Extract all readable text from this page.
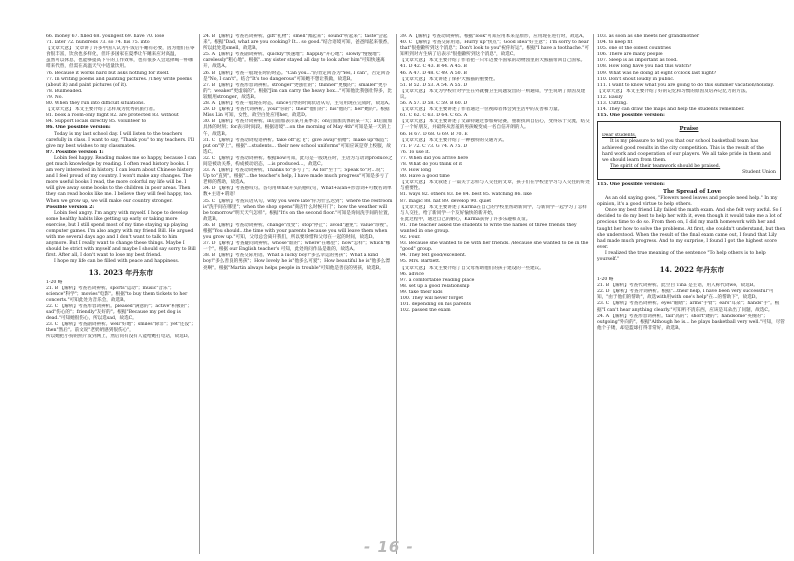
66. money 67. filled 68. youngest 69. have 70. lose
71. later 72. hundreds 73. so 74. his 75. into
【文章大意】 文章讲了许多中国人认为午饭后午睡有必要，因为他们在零食很丰富，饮食也多样化，但许多国家在夏季让午睡来应对高温，
虽然可以休息，也能够提高下午的工作效率，也有很多人会选择喝一杯咖啡来代替，但需在高温天气中适量饮用。
76. Because it works hard but asks nothing for itself.
77. In writing poems and painting pictures. /They write poems (about it) and paint pictures (of it).
78. Bullheaded.
79. No.
80. When they run into difficult situations.
【文章大意】 本文主要介绍了怎样成为优秀的旅行者。
81. book a room-only flight 82. are protected 83. without
84. Support locals directly 85. volunteer to
86. One possible version:
Today is my last school day. I will listen to the teachers carefully in class. I want to say, "Thank you" to my teachers. I'll give my best wishes to my classmates.
87. Possible version 1:
Lobin feel happy. Reading makes me so happy, because I can get much knowledge by reading. I often read history books. I am very interested in history. I can learn about Chinese history and I feel proud of my country. I won't make any changes. The more useful books I read, the more colorful my life will be. I will give away some books to the children in poor areas. Then they can read books like me. I believe they will feel happy, too. When we grow up, we will make our country stronger.
Possible version 2:
Lobin feel angry. I'm angry with myself. I hope to develop some healthy habits like getting up early or taking more exercise, but I still spend most of my time staying up playing computer games. I'm also angry with my friend Bill. He argued with me several days ago and I don't want to talk to him anymore. But I really want to change these things. Maybe I should be strict with myself and maybe I should say sorry to Bill first. After all, I don't want to lose my best friend.
I hope my life can be filled with peace and happiness.
13. 2023 年丹东市
1-20 略
21. B 【解析】考查名词辨析。sports"运动"；music"音乐"；science"科学"；movies"电影"。根据"to buy them tickets to her concerts."可知此处为音乐会，故选B。
22. C 【解析】考查形容词辨析。pleased"满意的"；active"积极的"；sad"伤心的"；friendly"友好的"。根据"Because my pet dog is dead."可知她很伤心，所以选sad，故选C。
23. C 【解析】考查副词辨析。well"好地"；smiles"除非"；yet"还没"；then"然后"。前文说"老奶奶感到很伤心"，
所以她把小狗的照片发到网上，然后问有没有人能给她打电话，故选D。
24. B 【解析】考查名词辨析。gift"礼物"；smell"闻起来"；sound"听起来"；taste"尝起来"。根据"Dad, what are you cooking? It... so good."结合语境可知，爸爸闻起来很香，所以此处选smell，故选B。
25. A 【解析】考查副词辨析。quickly"快速地"；happily"开心地"；slowly"慢慢地"；carelessly"粗心地"。根据"...my sister stayed all day to look after him"可知快速离开，故选A。
26. B 【解析】考查一般现在时的时态。"Can you..."的肯定回答为"Yes, I can"，否定回答是"No, I can't"。结合"It's too dangerous"可知她不想让我做，故选B。
27. B 【解析】考查形容词辨析。stronger"更强壮的"；thinner"更瘦的"；smaller"更小的"；weaker"更虚弱的"。根据"Jim can carry the heavy box..."可知他比我强壮得多，比较级用stronger，故选B。
28. A 【解析】考查一般现在时态。since引导的时间状语从句，主句用现在完成时，故选A。
29. D 【解析】考查代词辨析。your"你的"；their"他们的"；his"他的"；her"她的"。根据 Miss Lin 可知，女性，故空白处应用her，故选D。
30. B 【解析】考查介词辨析。in后面加表示某月某季等；on后面加具体的某一天；at后面加具体的时刻；for表示时间段。根据语境"...on the morning of May 4th"可知是某一天的上午，故选B。
31. C 【解析】考查动词短语辨析。take off"起飞"；give away"捐赠"；make up"编造"；put on"穿上"。根据"...students... their new school uniforms"可知应该是穿上校服，故选C。
32. C 【解析】考查动词辨析。根据now可知，此句是一般现在时，主语为与动词produce之间是被动关系，构成被动语态，...is produced...，故选C。
33. A 【解析】考查动词辨析。Thanks to"多亏了"；As for"至于"；Speak to"对...说"；Up to"直到"。根据"...the teacher's help, I have made much progress"可知是多亏了老师的帮助，故选A。
34. D 【解析】考查感叹句。答句用What开头的感叹句，What+a/an+形容词+可数名词单数+主语+谓语！
35. C 【解析】考查宾语从句。why you were late"你为什么迟到"；where the restroom is"洗手间在哪里"；when the shop opens"商店什么时候开门"；how the weather will be tomorrow"明天天气怎样"。根据"It's on the second floor."可知是询问洗手间的位置，故选B。
36. B 【解析】考查动词辨析。change"改变"；stop"停止"；avoid"避免"；value"珍视"。根据"You should...the time with your parents because you will leave them when you grow up."可知，父母总会离开我们，所以要珍惜和父母在一起的时间，故选D。
37. D 【解析】考查疑问词辨析。whose"谁的"；where"在哪里"；how"怎样"；which"哪一个"。根据 our English teacher's 可知，此处询问作品是谁的，故选A。
38. B 【解析】考查交际用语。What a lucky boy!"多么幸运的男孩"；What a kind boy!"多么善良的男孩"；How lovely he is"他多么可爱"；How beautiful he is"他多么漂亮啊"。根据"Martin always helps people in trouble"可知他是善良的男孩，故选B。
39. A 【解析】考查动词辨析。根据"look"可知应用本来是原形，应用现在进行时，故选A。
40. C 【解析】考查交际用语。Hurry up"快点"；Good idea"好主意"；I'm sorry to hear that"很抱歉听到这个消息"；Don't look to you"祝你好运"。根据"I have a toothache."可知听到对方生病了后表示"很抱歉听到这个消息"，故选C。
【文章大意】 本文主要介绍了作者把一只年迈要不国家的动物园里的大熊猫带回自己国家。
41. D 42. C 43. B 44. A 45. B
46. A 47. D 48. C 49. A 50. B
【文章大意】 本文讲述了保护大熊猫的重要性。
51. B 52. D 53. A 54. A 55. D
【文章大意】 本文为学校针对学生在外就餐卫生问题发出的一则通知，学生说明了原因及建议。
56. A 57. D 58. C 59. B 60. D
【文章大意】 本文主要讲述了作者通过一位视障者体会到生活中的友善和力量。
61. C 62. C 63. D 64. C 65. A
【文章大意】 本文主要讲述了文森特通过参加辩论赛，重新找回自信心，变得乐于交流，结交了一个好朋友，并最终从害羞的男孩蜕变成一名自信开朗的人。
66. H 67. D 68. G 69. B 70. E
【文章大意】 本文主要介绍了一种独特的交通方式。
71. F 72. C 73. G 74. A 75. D
76. To use it.
77. When did you arrive here
78. What do you think of it
79. How long
80. Have a good time
【文章大意】 本文叙述了一篇关于怎样与人交往的文章，孩子们在学校里学习与人交往的好处与重要性。
81. ways 82. others 83. be 84. best 85. watching 86. like
87. magic 88. hat 89. develop 90. quiet
【文章大意】 本文主要讲述了Karma在自己的学校里帮助新同学，与新同学一起学习了怎样与人交往，给了新同学一个友好愉快的新开始，
在此过程中，通过自己的耐心，Karma获得了许多乐趣和友谊。
91. The teacher asked the students to write the names of three friends they wanted in one group.
92. Four.
93. Because she wanted to be with her friends. /Because she wanted to be in the "good" group.
94. They felt good/excellent.
95. Mrs. Bartlett.
【文章大意】 本文主要介绍了自父母帮助他们的孩子建设的一些建议。
96. advice
97. a comfortable reading place
98. set up a good relationship
99. take their kids
100. They will never forget
101. depending on his parents
102. passed the exam
103. as soon as she meets her grandmother
104. to keep fit
105. one of the oldest countries
106. There are many people
107. Sleep is as important as food.
108. How long have you had this watch?
109. What was he doing at eight o'clock last night?
110. Don't shout loudly in public.
111. I want to know what you are going to do this summer vacation/holiday.
【文章大意】 本文主要介绍了好的记忆和习惯的原因及培养记忆力的方法。
112. Easily
113. Cutting.
114. They can draw the maps and help the students remember.
115. One possible version:
Praise
Dear students,
It is my pleasure to tell you that our school basketball team has achieved good results in the city competition. This is the result of the hard work and cooperation of our players. We all take pride in them and we should learn from them.
The spirit of their teamwork should be praised.
Student Union
115. One possible version:
The Spread of Love
As an old saying goes, "Flowers need leaves and people need help." In my opinion, it's a good virtue to help others.
Once my best friend Lily failed the math exam. And she felt very awful. So I decided to do my best to help her with it, even though it would take me a lot of precious time to do so. From then on, I did my math homework with her and taught her how to solve the problems. At first, she couldn't understand, but then she understood. When the result of the final exam came out, I found that Lily had made much progress. And to my surprise, I found I got the highest score ever.
I realized the true meaning of the sentence "To help others is to help yourself."
14. 2022 年丹东市
1-20 略
21. B 【解析】考查代词辨析。此空白 Tina 是主语，用人称代词we，故选B。
22. D 【解析】考查介词辨析。根据"...their help, I have been very successful"可知，"由于他们的帮助"，故选with用with one's help"在...的帮助下"，故选D。
23. C 【解析】考查名词辨析。eyes"眼睛"；arms"手臂"；ears"耳朵"；hands"手"。根据"I can't hear anything clearly."可知听不清东西，应该是耳朵出了问题，故选C。
24. A 【解析】考查形容词辨析。tall"高的"；short"矮的"；handsome"英俊的"；outgoing"外向的"。根据"Although he is... he plays basketball very well."可知，尽管他个子矮，却是篮球打得非常好，故选B。
- 16 -
